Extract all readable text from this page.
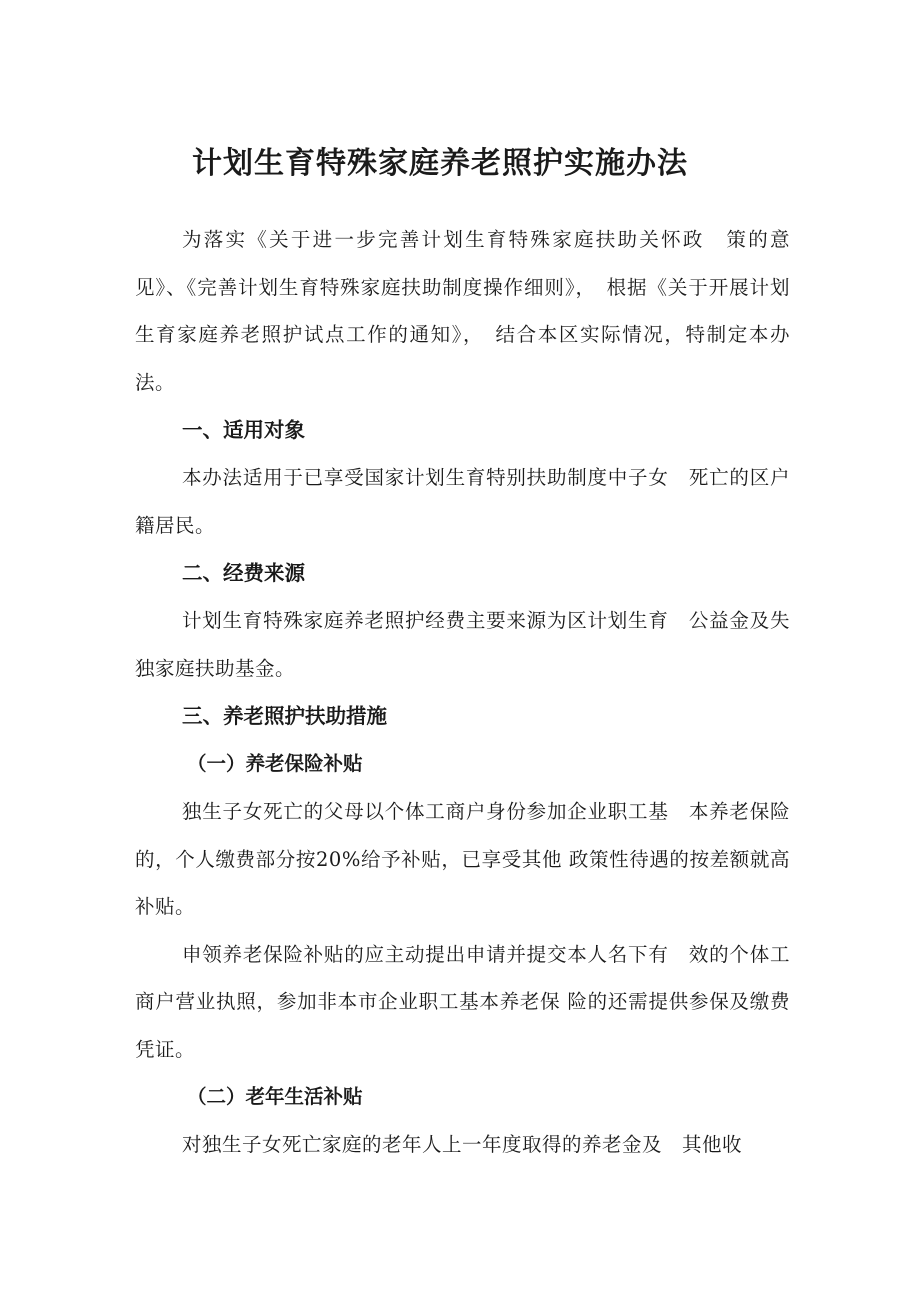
计划生育特殊家庭养老照护实施办法

为落实《关于进一步完善计划生育特殊家庭扶助关怀政　策的意见》、《完善计划生育特殊家庭扶助制度操作细则》，　根据《关于开展计划生育家庭养老照护试点工作的通知》，　结合本区实际情况，特制定本办法。

一、适用对象

本办法适用于已享受国家计划生育特别扶助制度中子女　死亡的区户籍居民。

二、经费来源

计划生育特殊家庭养老照护经费主要来源为区计划生育　公益金及失独家庭扶助基金。

三、养老照护扶助措施
（一）养老保险补贴

独生子女死亡的父母以个体工商户身份参加企业职工基　本养老保险的，个人缴费部分按20%给予补贴，已享受其他 政策性待遇的按差额就高补贴。

申领养老保险补贴的应主动提出申请并提交本人名下有　效的个体工商户营业执照，参加非本市企业职工基本养老保 险的还需提供参保及缴费凭证。

（二）老年生活补贴

对独生子女死亡家庭的老年人上一年度取得的养老金及　其他收
